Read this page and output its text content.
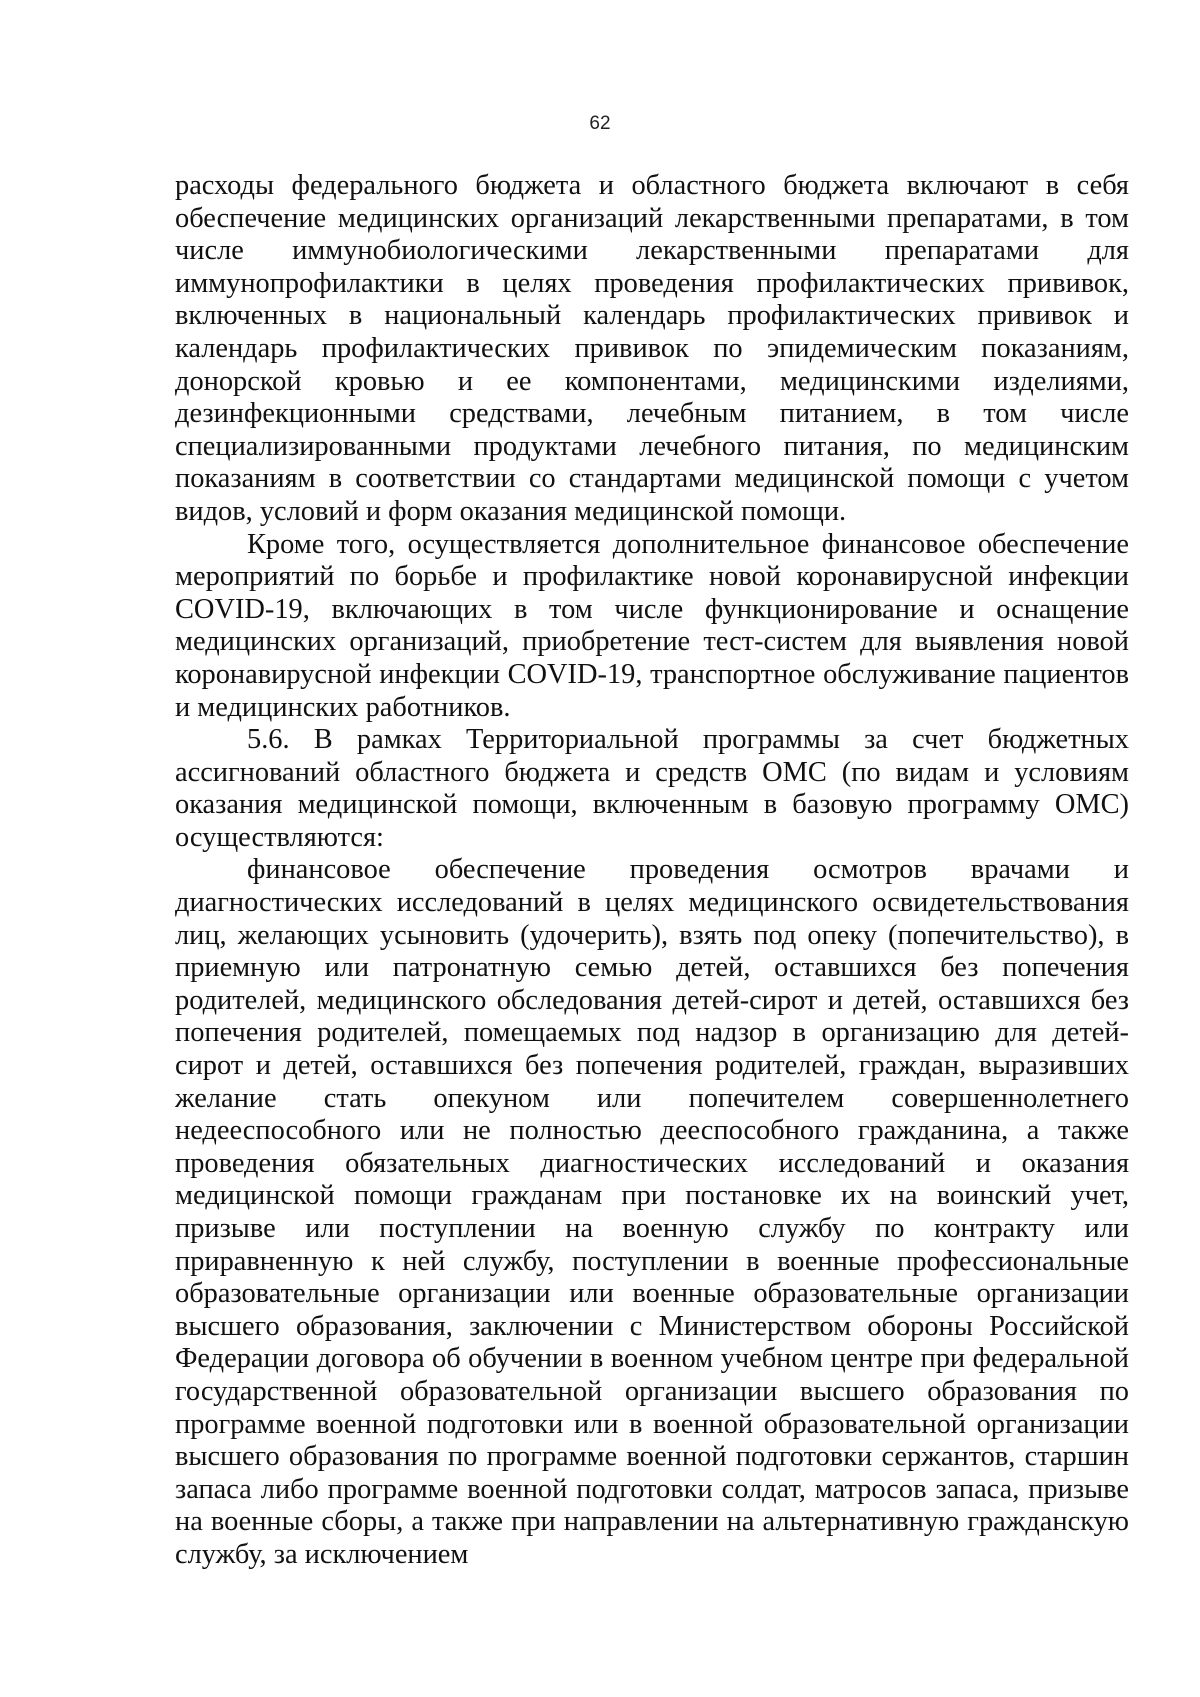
62

расходы федерального бюджета и областного бюджета включают в себя обеспечение медицинских организаций лекарственными препаратами, в том числе иммунобиологическими лекарственными препаратами для иммунопрофилактики в целях проведения профилактических прививок, включенных в национальный календарь профилактических прививок и календарь профилактических прививок по эпидемическим показаниям, донорской кровью и ее компонентами, медицинскими изделиями, дезинфекционными средствами, лечебным питанием, в том числе специализированными продуктами лечебного питания, по медицинским показаниям в соответствии со стандартами медицинской помощи с учетом видов, условий и форм оказания медицинской помощи.

Кроме того, осуществляется дополнительное финансовое обеспечение мероприятий по борьбе и профилактике новой коронавирусной инфекции COVID-19, включающих в том числе функционирование и оснащение медицинских организаций, приобретение тест-систем для выявления новой коронавирусной инфекции COVID-19, транспортное обслуживание пациентов и медицинских работников.

5.6. В рамках Территориальной программы за счет бюджетных ассигнований областного бюджета и средств ОМС (по видам и условиям оказания медицинской помощи, включенным в базовую программу ОМС) осуществляются:

финансовое обеспечение проведения осмотров врачами и диагностических исследований в целях медицинского освидетельствования лиц, желающих усыновить (удочерить), взять под опеку (попечительство), в приемную или патронатную семью детей, оставшихся без попечения родителей, медицинского обследования детей-сирот и детей, оставшихся без попечения родителей, помещаемых под надзор в организацию для детей-сирот и детей, оставшихся без попечения родителей, граждан, выразивших желание стать опекуном или попечителем совершеннолетнего недееспособного или не полностью дееспособного гражданина, а также проведения обязательных диагностических исследований и оказания медицинской помощи гражданам при постановке их на воинский учет, призыве или поступлении на военную службу по контракту или приравненную к ней службу, поступлении в военные профессиональные образовательные организации или военные образовательные организации высшего образования, заключении с Министерством обороны Российской Федерации договора об обучении в военном учебном центре при федеральной государственной образовательной организации высшего образования по программе военной подготовки или в военной образовательной организации высшего образования по программе военной подготовки сержантов, старшин запаса либо программе военной подготовки солдат, матросов запаса, призыве на военные сборы, а также при направлении на альтернативную гражданскую службу, за исключением
